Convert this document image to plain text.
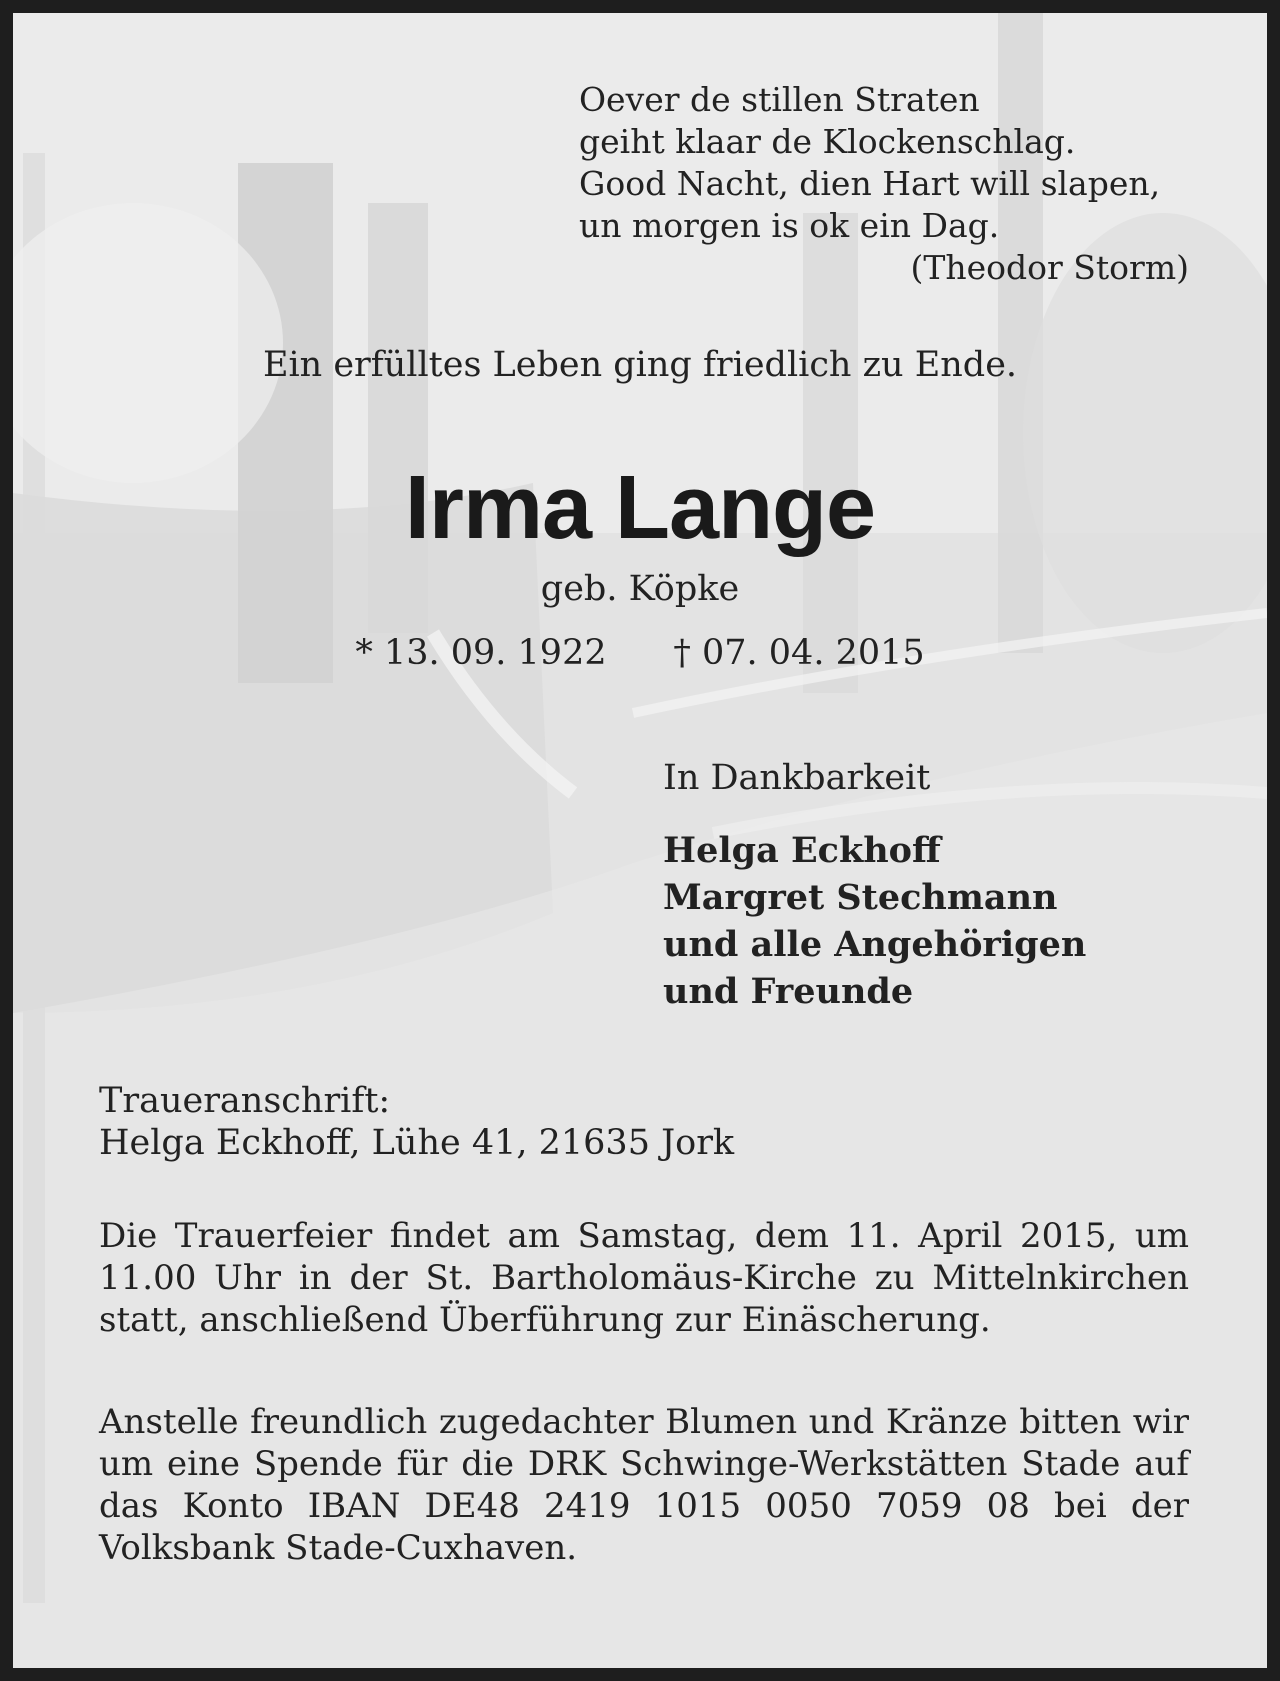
Oever de stillen Straten
geiht klaar de Klockenschlag.
Good Nacht, dien Hart will slapen,
un morgen is ok ein Dag.
(Theodor Storm)

Ein erfülltes Leben ging friedlich zu Ende.

Irma Lange

geb. Köpke

* 13. 09. 1922      † 07. 04. 2015

In Dankbarkeit

Helga Eckhoff
Margret Stechmann
und alle Angehörigen
und Freunde

Traueranschrift:

Helga Eckhoff, Lühe 41, 21635 Jork

Die Trauerfeier findet am Samstag, dem 11. April 2015, um 11.00 Uhr in der St. Bartholomäus-Kirche zu Mittelnkirchen statt, anschließend Überführung zur Einäscherung.

Anstelle freundlich zugedachter Blumen und Kränze bitten wir um eine Spende für die DRK Schwinge-Werkstätten Stade auf das Konto IBAN DE48 2419 1015 0050 7059 08 bei der Volksbank Stade-Cuxhaven.
